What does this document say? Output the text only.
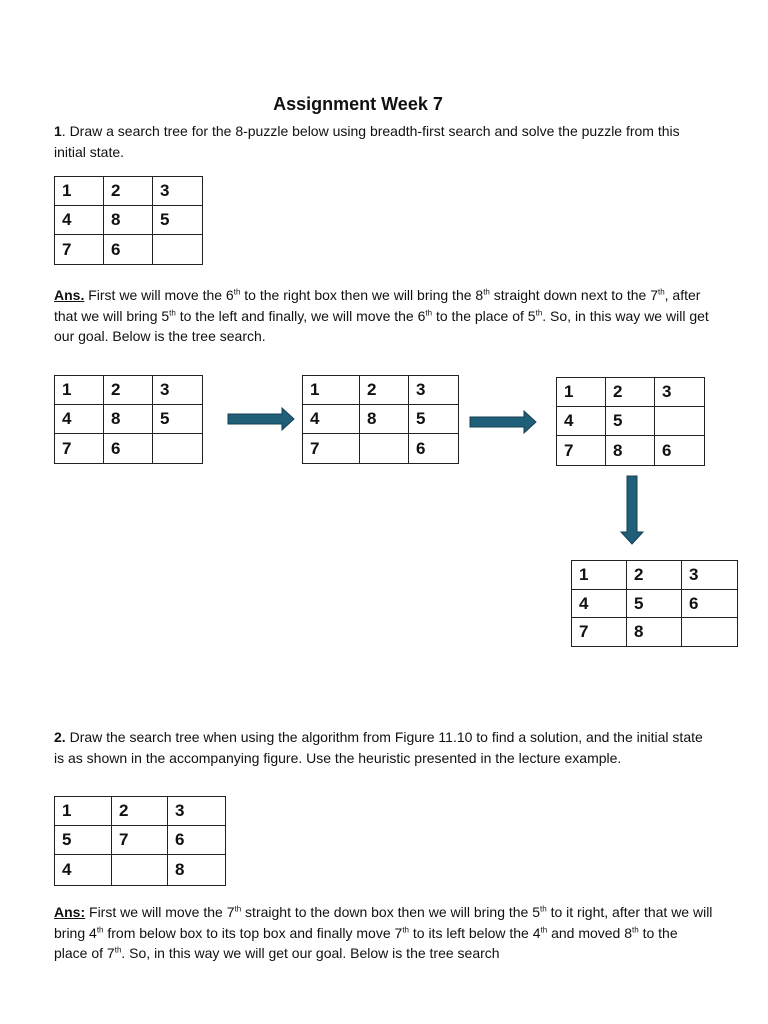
Assignment Week 7
1. Draw a search tree for the 8-puzzle below using breadth-first search and solve the puzzle from this initial state.
1	2	3
4	8	5
7	6	
Ans. First we will move the 6th to the right box then we will bring the 8th straight down next to the 7th, after that we will bring 5th to the left and finally, we will move the 6th to the place of 5th. So, in this way we will get our goal. Below is the tree search.
1	2	3
4	8	5
7	6	
1	2	3
4	8	5
7		6
1	2	3
4	5	
7	8	6
1	2	3
4	5	6
7	8	
2. Draw the search tree when using the algorithm from Figure 11.10 to find a solution, and the initial state is as shown in the accompanying figure. Use the heuristic presented in the lecture example.
1	2	3
5	7	6
4		8
Ans: First we will move the 7th straight to the down box then we will bring the 5th to it right, after that we will bring 4th from below box to its top box and finally move 7th to its left below the 4th and moved 8th to the place of 7th. So, in this way we will get our goal. Below is the tree search
